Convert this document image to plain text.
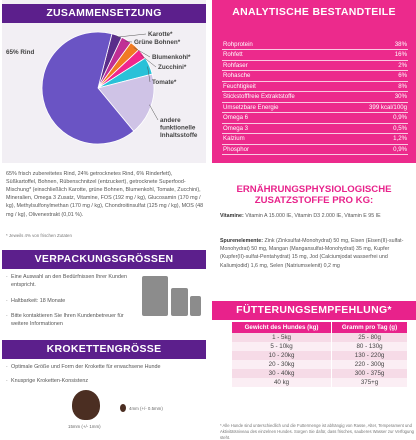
ZUSAMMENSETZUNG
65% Rind
Karotte*
Grüne Bohnen*
Blumenkohl*
Zucchini*
Tomate*
andere
funktionelle
Inhaltsstoffe
65% frisch zubereitetes Rind, 24% getrocknetes Rind, 6% Rinderfett), Süßkartoffel, Bohnen, Rübenschnitzel (entzuckert), getrocknete Superfood-Mischung* (einschließlich Karotte, grüne Bohnen, Blumenkohl, Tomate, Zucchini), Mineralien, Omega 3 Zusatz, Vitamine, FOS (192 mg / kg), Glucosamin (170 mg / kg), Methylsulfonylmethan (170 mg / kg), Chondroitinsulfat (125 mg / kg), MOS (48 mg / kg), Olivenextrakt (0,01 %).
* Jeweils 4% von frischen Zutaten
VERPACKUNGSGRÖSSEN
· Eine Auswahl an den Bedürfnissen Ihrer Kunden entspricht.
· Haltbarkeit: 18 Monate
· Bitte kontaktieren Sie Ihren Kundenbetreuer für weitere Informationen
KROKETTENGRÖSSE
· Optimale Größe und Form der Krokette für erwachsene Hunde
· Knusprige Kroketten-Konsistenz
15mm (+/- 1mm)
4mm (+/- 0.5mm)
ANALYTISCHE BESTANDTEILE
Rohprotein	38%
Rohfett	16%
Rohfaser	2%
Rohasche	6%
Feuchtigkeit	8%
Stickstofffreie Extraktstoffe	30%
Umsetzbare Energie	399 kcal/100g
Omega 6	0,9%
Omega 3	0,5%
Kalzium	1,2%
Phosphor	0,9%
ERNÄHRUNGSPHYSIOLOGISCHE
ZUSATZSTOFFE PRO KG:
Vitamine: Vitamin A 15.000 IE, Vitamin D3 2.000 IE, Vitamin E 95 IE
Spurenelemente: Zink (Zinksulfat-Monohydrat) 50 mg, Eisen (Eisen(II)-sulfat-Monohydrat) 50 mg, Mangan (Mangansulfat-Monohydrat) 35 mg, Kupfer (Kupfer(II)-sulfat-Pentahydrat) 15 mg, Jod (Calciumjodat wasserfrei und Kaliumjodid) 1,6 mg, Selen (Natriumselenit) 0,2 mg
FÜTTERUNGSEMPFEHLUNG*
Gewicht des Hundes (kg)	Gramm pro Tag (g)
1 - 5kg	25 - 80g
5 - 10kg	80 - 130g
10 - 20kg	130 - 220g
20 - 30kg	220 - 300g
30 - 40kg	300 - 375g
40 kg	375+g
* Alle Hunde sind unterschiedlich und die Futtermenge ist abhängig von Rasse, Alter, Temperament und Aktivitätsniveau des einzelnen Hundes. Sorgen Sie dafür, dass frisches, sauberes Wasser zur Verfügung steht.
